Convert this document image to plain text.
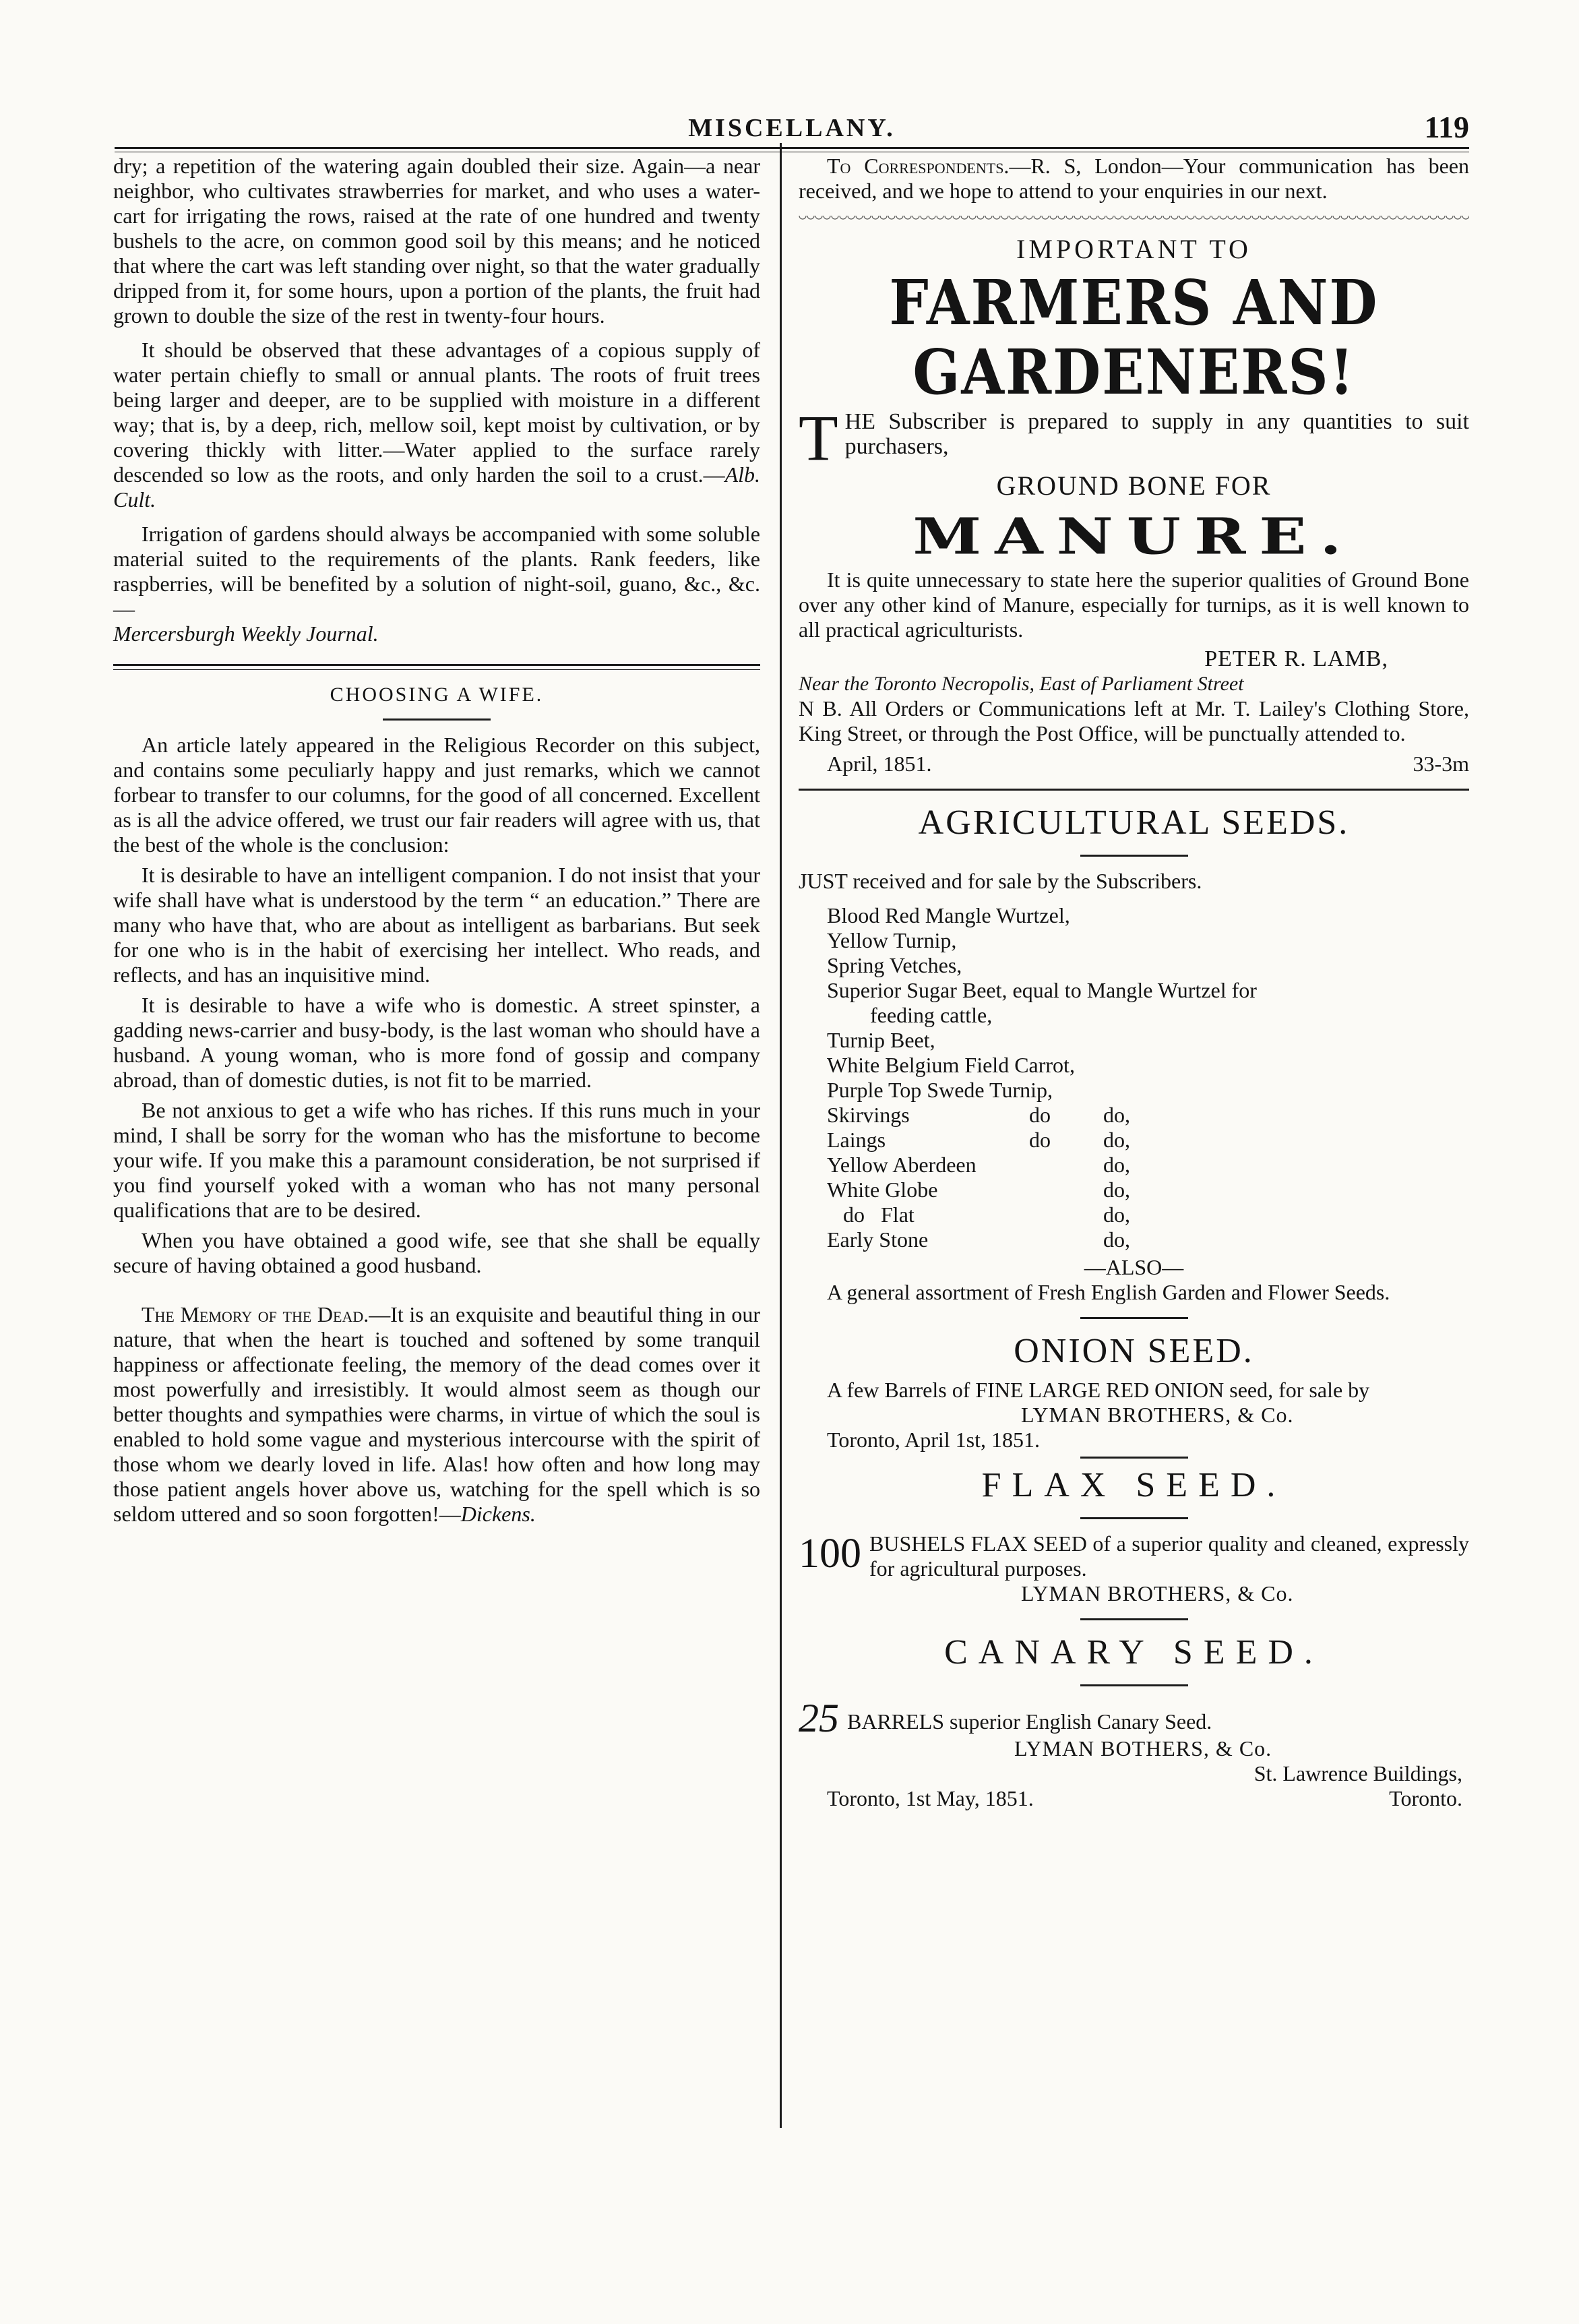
MISCELLANY.	119

dry; a repetition of the watering again doubled their size. Again—a near neighbor, who cultivates strawberries for market, and who uses a water-cart for irrigating the rows, raised at the rate of one hundred and twenty bushels to the acre, on common good soil by this means; and he noticed that where the cart was left standing over night, so that the water gradually dripped from it, for some hours, upon a portion of the plants, the fruit had grown to double the size of the rest in twenty-four hours.

It should be observed that these advantages of a copious supply of water pertain chiefly to small or annual plants. The roots of fruit trees being larger and deeper, are to be supplied with moisture in a different way; that is, by a deep, rich, mellow soil, kept moist by cultivation, or by covering thickly with litter.—Water applied to the surface rarely descended so low as the roots, and only harden the soil to a crust.—Alb. Cult.

Irrigation of gardens should always be accompanied with some soluble material suited to the requirements of the plants. Rank feeders, like raspberries, will be benefited by a solution of night-soil, guano, &c., &c.—
Mercersburgh Weekly Journal.

CHOOSING A WIFE.

An article lately appeared in the Religious Recorder on this subject, and contains some peculiarly happy and just remarks, which we cannot forbear to transfer to our columns, for the good of all concerned. Excellent as is all the advice offered, we trust our fair readers will agree with us, that the best of the whole is the conclusion:

It is desirable to have an intelligent companion. I do not insist that your wife shall have what is understood by the term “ an education.” There are many who have that, who are about as intelligent as barbarians. But seek for one who is in the habit of exercising her intellect. Who reads, and reflects, and has an inquisitive mind.

It is desirable to have a wife who is domestic. A street spinster, a gadding news-carrier and busy-body, is the last woman who should have a husband. A young woman, who is more fond of gossip and company abroad, than of domestic duties, is not fit to be married.

Be not anxious to get a wife who has riches. If this runs much in your mind, I shall be sorry for the woman who has the misfortune to become your wife. If you make this a paramount consideration, be not surprised if you find yourself yoked with a woman who has not many personal qualifications that are to be desired.

When you have obtained a good wife, see that she shall be equally secure of having obtained a good husband.

The Memory of the Dead.—It is an exquisite and beautiful thing in our nature, that when the heart is touched and softened by some tranquil happiness or affectionate feeling, the memory of the dead comes over it most powerfully and irresistibly. It would almost seem as though our better thoughts and sympathies were charms, in virtue of which the soul is enabled to hold some vague and mysterious intercourse with the spirit of those whom we dearly loved in life. Alas! how often and how long may those patient angels hover above us, watching for the spell which is so seldom uttered and so soon forgotten!—Dickens.

To Correspondents.—R. S, London—Your communication has been received, and we hope to attend to your enquiries in our next.

IMPORTANT TO
FARMERS AND GARDENERS!
T HE Subscriber is prepared to supply in any quantities to suit purchasers,

GROUND BONE FOR
MANURE.

It is quite unnecessary to state here the superior qualities of Ground Bone over any other kind of Manure, especially for turnips, as it is well known to all practical agriculturists.

PETER R. LAMB,
Near the Toronto Necropolis, East of Parliament Street

N B. All Orders or Communications left at Mr. T. Lailey's Clothing Store, King Street, or through the Post Office, will be punctually attended to.

April, 1851.	33-3m
AGRICULTURAL SEEDS.

JUST received and for sale by the Subscribers.

Blood Red Mangle Wurtzel,
Yellow Turnip,
Spring Vetches,
Superior Sugar Beet, equal to Mangle Wurtzel for
feeding cattle,
Turnip Beet,
White Belgium Field Carrot,
Purple Top Swede Turnip,
Skirvings	do do,
Laings	do do,
Yellow Aberdeen	do,
White Globe	do,
do   Flat	do,
Early Stone	do,
—ALSO—

A general assortment of Fresh English Garden and Flower Seeds.

ONION SEED.

A few Barrels of FINE LARGE RED ONION seed, for sale by

LYMAN BROTHERS, & Co.
Toronto, April 1st, 1851.
FLAX SEED.
100 BUSHELS FLAX SEED of a superior quality and cleaned, expressly for agricultural purposes.

LYMAN BROTHERS, & Co.
CANARY SEED.
25 BARRELS superior English Canary Seed.

LYMAN BOTHERS, & Co.
St. Lawrence Buildings,
Toronto, 1st May, 1851.	Toronto.
